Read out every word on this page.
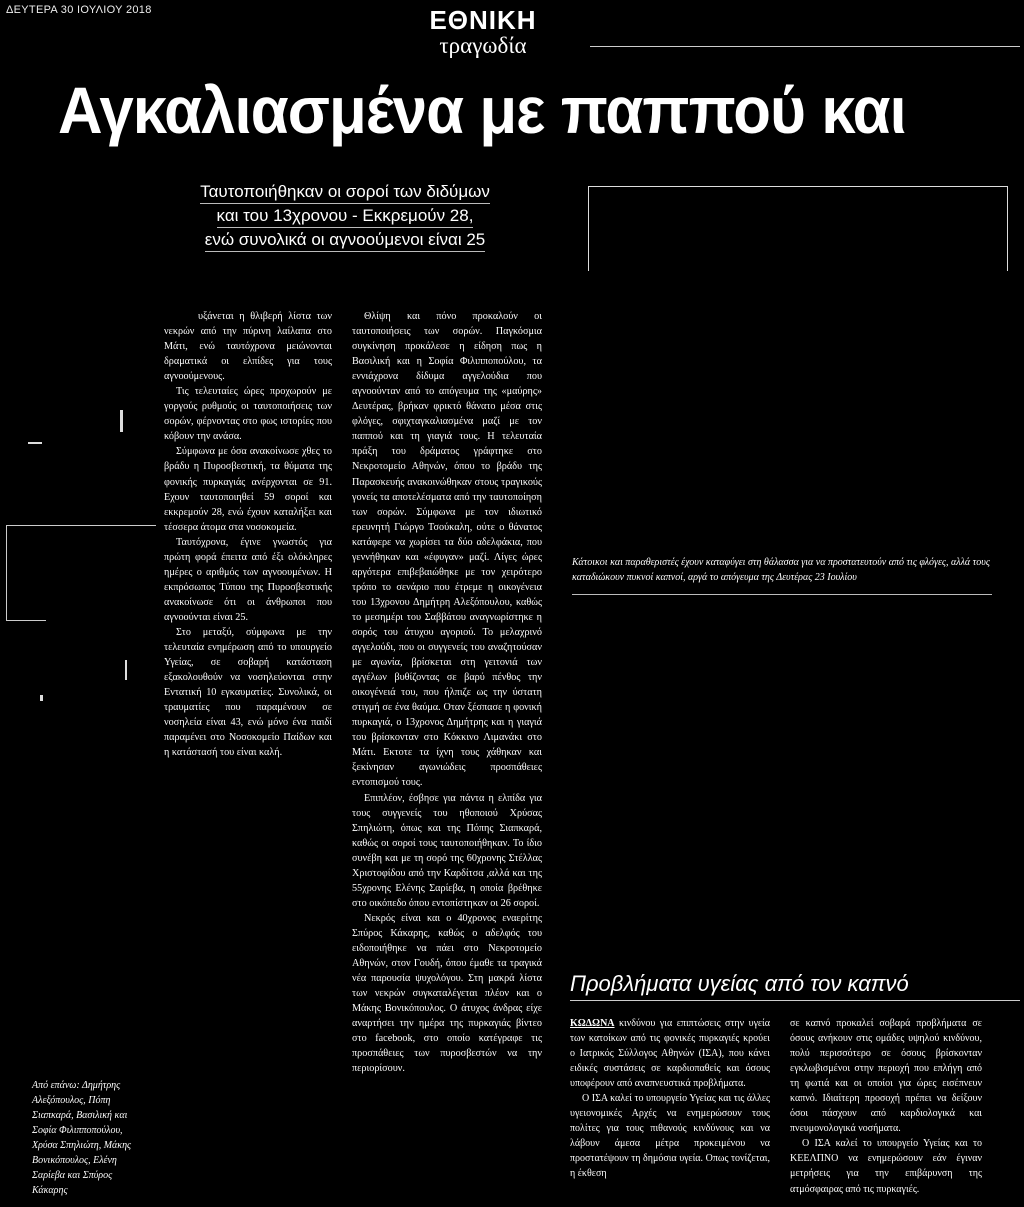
ΔΕΥΤΕΡΑ 30 ΙΟΥΛΙΟΥ 2018	ΕΘΝΙΚΗ
τραγωδία
Αγκαλιασμένα με παππού και
Ταυτοποιήθηκαν οι σοροί των διδύμων
και του 13χρονου - Εκκρεμούν 28,
ενώ συνολικά οι αγνοούμενοι είναι 25

υξάνεται η θλιβερή λίστα των νεκρών από την πύρινη λαίλαπα στο Μάτι, ενώ ταυτόχρονα μειώνονται δραματικά οι ελπίδες για τους αγνοούμενους.

Τις τελευταίες ώρες προχωρούν με γοργούς ρυθμούς οι ταυτοποιήσεις των σορών, φέρνοντας στο φως ιστορίες που κόβουν την ανάσα.

Σύμφωνα με όσα ανακοίνωσε χθες το βράδυ η Πυροσβεστική, τα θύματα της φονικής πυρκαγιάς ανέρχονται σε 91. Εχουν ταυτοποιηθεί 59 σοροί και εκκρεμούν 28, ενώ έχουν καταλήξει και τέσσερα άτομα στα νοσοκομεία.

Ταυτόχρονα, έγινε γνωστός για πρώτη φορά έπειτα από έξι ολόκληρες ημέρες ο αριθμός των αγνοουμένων. Η εκπρόσωπος Τύπου της Πυροσβεστικής ανακοίνωσε ότι οι άνθρωποι που αγνοούνται είναι 25.

Στο μεταξύ, σύμφωνα με την τελευταία ενημέρωση από το υπουργείο Υγείας, σε σοβαρή κατάσταση εξακολουθούν να νοσηλεύονται στην Εντατική 10 εγκαυματίες. Συνολικά, οι τραυματίες που παραμένουν σε νοσηλεία είναι 43, ενώ μόνο ένα παιδί παραμένει στο Νοσοκομείο Παίδων και η κατάστασή του είναι καλή.

Θλίψη και πόνο προκαλούν οι ταυτοποιήσεις των σορών. Παγκόσμια συγκίνηση προκάλεσε η είδηση πως η Βασιλική και η Σοφία Φιλιπποπούλου, τα εννιάχρονα δίδυμα αγγελούδια που αγνοούνταν από το απόγευμα της «μαύρης» Δευτέρας, βρήκαν φρικτό θάνατο μέσα στις φλόγες, σφιχταγκαλιασμένα μαζί με τον παππού και τη γιαγιά τους. Η τελευταία πράξη του δράματος γράφτηκε στο Νεκροτομείο Αθηνών, όπου το βράδυ της Παρασκευής ανακοινώθηκαν στους τραγικούς γονείς τα αποτελέσματα από την ταυτοποίηση των σορών. Σύμφωνα με τον ιδιωτικό ερευνητή Γιώργο Τσούκαλη, ούτε ο θάνατος κατάφερε να χωρίσει τα δύο αδελφάκια, που γεννήθηκαν και «έφυγαν» μαζί. Λίγες ώρες αργότερα επιβεβαιώθηκε με τον χειρότερο τρόπο το σενάριο που έτρεμε η οικογένεια του 13χρονου Δημήτρη Αλεξόπουλου, καθώς το μεσημέρι του Σαββάτου αναγνωρίστηκε η σορός του άτυχου αγοριού. Το μελαχρινό αγγελούδι, που οι συγγενείς του αναζητούσαν με αγωνία, βρίσκεται στη γειτονιά των αγγέλων βυθίζοντας σε βαρύ πένθος την οικογένειά του, που ήλπιζε ως την ύστατη στιγμή σε ένα θαύμα. Οταν ξέσπασε η φονική πυρκαγιά, ο 13χρονος Δημήτρης και η γιαγιά του βρίσκονταν στο Κόκκινο Λιμανάκι στο Μάτι. Εκτοτε τα ίχνη τους χάθηκαν και ξεκίνησαν αγωνιώδεις προσπάθειες εντοπισμού τους.

Επιπλέον, έσβησε για πάντα η ελπίδα για τους συγγενείς του ηθοποιού Χρύσας Σπηλιώτη, όπως και της Πόπης Σιαπκαρά, καθώς οι σοροί τους ταυτοποιήθηκαν. Το ίδιο συνέβη και με τη σορό της 60χρονης Στέλλας Χριστοφίδου από την Καρδίτσα ,αλλά και της 55χρονης Ελένης Σαρίεβα, η οποία βρέθηκε στο οικόπεδο όπου εντοπίστηκαν οι 26 σοροί.

Νεκρός είναι και ο 40χρονος εναερίτης Σπύρος Κάκαρης, καθώς ο αδελφός του ειδοποιήθηκε να πάει στο Νεκροτομείο Αθηνών, στον Γουδή, όπου έμαθε τα τραγικά νέα παρουσία ψυχολόγου. Στη μακρά λίστα των νεκρών συγκαταλέγεται πλέον και ο Μάκης Βονικόπουλος. Ο άτυχος άνδρας είχε αναρτήσει την ημέρα της πυρκαγιάς βίντεο στο facebook, στο οποίο κατέγραφε τις προσπάθειες των πυροσβεστών να την περιορίσουν.

Κάτοικοι και παραθεριστές έχουν καταφύγει στη θάλασσα για να προστατευτούν από τις φλόγες, αλλά τους καταδιώκουν πυκνοί καπνοί, αργά το απόγευμα της Δευτέρας 23 Ιουλίου
Από επάνω: Δημήτρης Αλεξόπουλος, Πόπη Σιαπκαρά, Βασιλική και Σοφία Φιλιπποπούλου, Χρύσα Σπηλιώτη, Μάκης Βονικόπουλος, Ελένη Σαρίεβα και Σπύρος Κάκαρης
Προβλήματα υγείας από τον καπνό

ΚΩΔΩΝΑ κινδύνου για επιπτώσεις στην υγεία των κατοίκων από τις φονικές πυρκαγιές κρούει ο Ιατρικός Σύλλογος Αθηνών (ΙΣΑ), που κάνει ειδικές συστάσεις σε καρδιοπαθείς και όσους υποφέρουν από αναπνευστικά προβλήματα.

Ο ΙΣΑ καλεί το υπουργείο Υγείας και τις άλλες υγειονομικές Αρχές να ενημερώσουν τους πολίτες για τους πιθανούς κινδύνους και να λάβουν άμεσα μέτρα προκειμένου να προστατέψουν τη δημόσια υγεία. Οπως τονίζεται, η έκθεση

σε καπνό προκαλεί σοβαρά προβλήματα σε όσους ανήκουν στις ομάδες υψηλού κινδύνου, πολύ περισσότερο σε όσους βρίσκονταν εγκλωβισμένοι στην περιοχή που επλήγη από τη φωτιά και οι οποίοι για ώρες εισέπνευν καπνό. Ιδιαίτερη προσοχή πρέπει να δείξουν όσοι πάσχουν από καρδιολογικά και πνευμονολογικά νοσήματα.

Ο ΙΣΑ καλεί το υπουργείο Υγείας και το ΚΕΕΛΠΝΟ να ενημερώσουν εάν έγιναν μετρήσεις για την επιβάρυνση της ατμόσφαιρας από τις πυρκαγιές.
